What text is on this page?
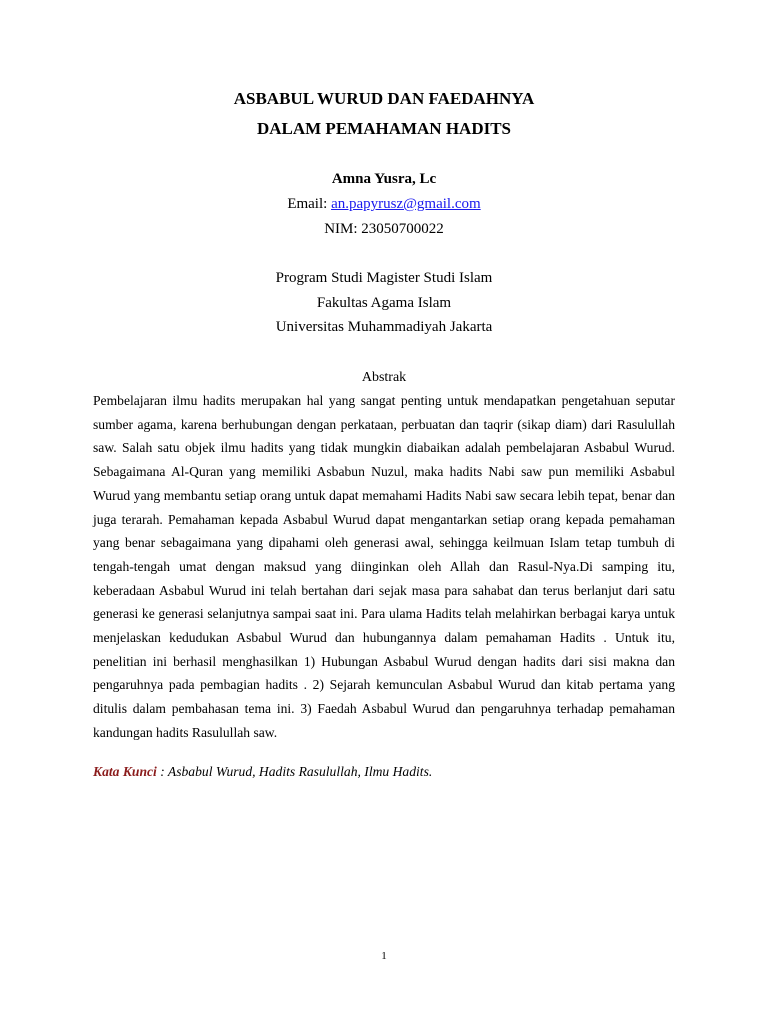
ASBABUL WURUD DAN FAEDAHNYA
DALAM PEMAHAMAN HADITS
Amna Yusra, Lc
Email: an.papyrusz@gmail.com
NIM: 23050700022
Program Studi Magister Studi Islam
Fakultas Agama Islam
Universitas Muhammadiyah Jakarta
Abstrak
Pembelajaran ilmu hadits merupakan hal yang sangat penting untuk mendapatkan pengetahuan seputar sumber agama, karena berhubungan dengan perkataan, perbuatan dan taqrir (sikap diam) dari Rasulullah saw. Salah satu objek ilmu hadits yang tidak mungkin diabaikan adalah pembelajaran Asbabul Wurud. Sebagaimana Al-Quran yang memiliki Asbabun Nuzul, maka hadits Nabi saw pun memiliki Asbabul Wurud yang membantu setiap orang untuk dapat memahami Hadits Nabi saw secara lebih tepat, benar dan juga terarah. Pemahaman kepada Asbabul Wurud dapat mengantarkan setiap orang kepada pemahaman yang benar sebagaimana yang dipahami oleh generasi awal, sehingga keilmuan Islam tetap tumbuh di tengah-tengah umat dengan maksud yang diinginkan oleh Allah dan Rasul-Nya.Di samping itu, keberadaan Asbabul Wurud ini telah bertahan dari sejak masa para sahabat dan terus berlanjut dari satu generasi ke generasi selanjutnya sampai saat ini. Para ulama Hadits telah melahirkan berbagai karya untuk menjelaskan kedudukan Asbabul Wurud dan hubungannya dalam pemahaman Hadits . Untuk itu, penelitian ini berhasil menghasilkan 1) Hubungan Asbabul Wurud dengan hadits dari sisi makna dan pengaruhnya pada pembagian hadits . 2) Sejarah kemunculan Asbabul Wurud dan kitab pertama yang ditulis dalam pembahasan tema ini. 3) Faedah Asbabul Wurud dan pengaruhnya terhadap pemahaman kandungan hadits Rasulullah saw.
Kata Kunci : Asbabul Wurud, Hadits Rasulullah, Ilmu Hadits.
1
